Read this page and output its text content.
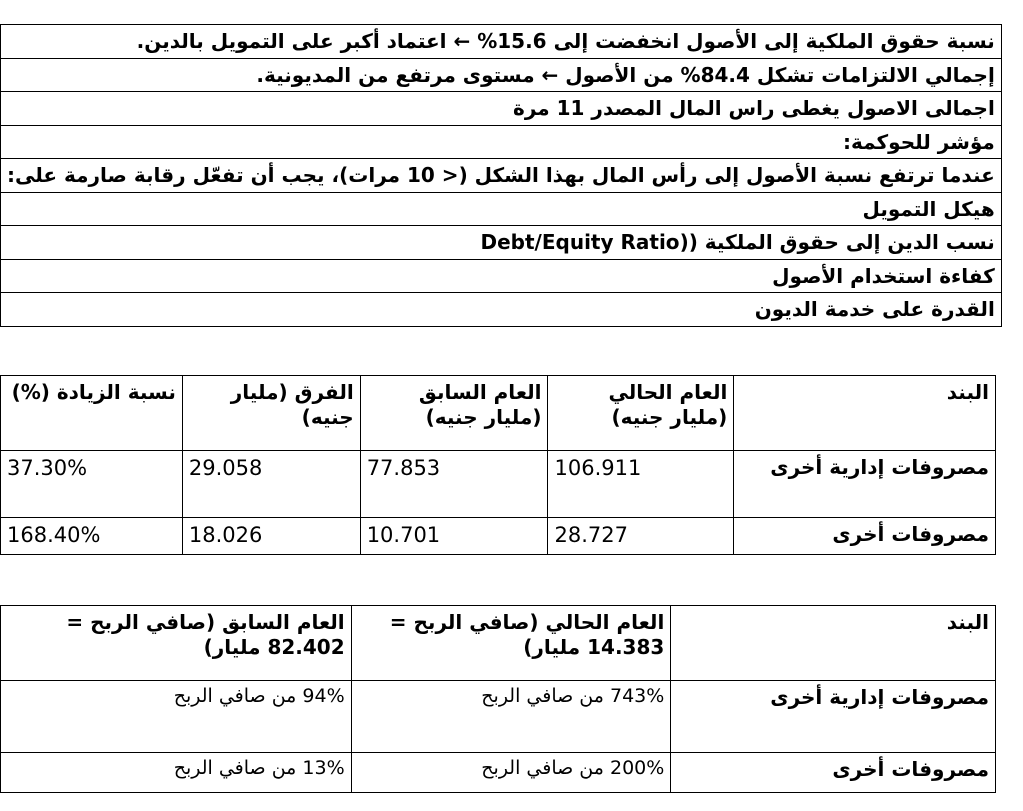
نسبة حقوق الملكية إلى الأصول انخفضت إلى 15.6% ← اعتماد أكبر على التمويل بالدين.
إجمالي الالتزامات تشكل 84.4% من الأصول ← مستوى مرتفع من المديونية.
اجمالى الاصول يغطى راس المال المصدر 11 مرة
مؤشر للحوكمة:
عندما ترتفع نسبة الأصول إلى رأس المال بهذا الشكل (< 10 مرات)، يجب أن تفعّل رقابة صارمة على:
هيكل التمويل
نسب الدين إلى حقوق الملكية ((Debt/Equity Ratio
كفاءة استخدام الأصول
القدرة على خدمة الديون
البند	العام الحالي (مليار جنيه)	العام السابق (مليار جنيه)	الفرق (مليار جنيه)	نسبة الزيادة (%)
مصروفات إدارية أخرى	106.911	77.853	29.058	37.30%
مصروفات أخرى	28.727	10.701	18.026	168.40%
البند	العام الحالي (صافي الربح = 14.383 مليار)	العام السابق (صافي الربح = 82.402 مليار)
مصروفات إدارية أخرى	743% من صافي الربح	94% من صافي الربح
مصروفات أخرى	200% من صافي الربح	13% من صافي الربح
